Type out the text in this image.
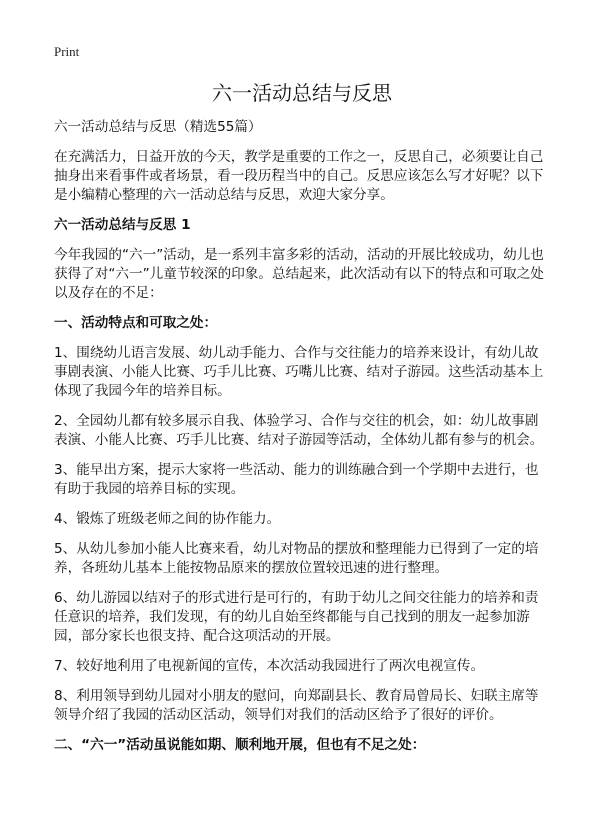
Print
六一活动总结与反思

六一活动总结与反思（精选55篇）

在充满活力，日益开放的今天，教学是重要的工作之一，反思自己，必须要让自己抽身出来看事件或者场景，看一段历程当中的自己。反思应该怎么写才好呢？以下是小编精心整理的六一活动总结与反思，欢迎大家分享。

六一活动总结与反思 1

今年我园的“六一”活动，是一系列丰富多彩的活动，活动的开展比较成功，幼儿也获得了对“六一”儿童节较深的印象。总结起来，此次活动有以下的特点和可取之处以及存在的不足：

一、活动特点和可取之处：

1、围绕幼儿语言发展、幼儿动手能力、合作与交往能力的培养来设计，有幼儿故事剧表演、小能人比赛、巧手儿比赛、巧嘴儿比赛、结对子游园。这些活动基本上体现了我园今年的培养目标。

2、全园幼儿都有较多展示自我、体验学习、合作与交往的机会，如：幼儿故事剧表演、小能人比赛、巧手儿比赛、结对子游园等活动，全体幼儿都有参与的机会。

3、能早出方案，提示大家将一些活动、能力的训练融合到一个学期中去进行，也有助于我园的培养目标的实现。

4、锻炼了班级老师之间的协作能力。

5、从幼儿参加小能人比赛来看，幼儿对物品的摆放和整理能力已得到了一定的培养，各班幼儿基本上能按物品原来的摆放位置较迅速的进行整理。

6、幼儿游园以结对子的形式进行是可行的，有助于幼儿之间交往能力的培养和责任意识的培养，我们发现，有的幼儿自始至终都能与自己找到的朋友一起参加游园，部分家长也很支持、配合这项活动的开展。

7、较好地利用了电视新闻的宣传，本次活动我园进行了两次电视宣传。

8、利用领导到幼儿园对小朋友的慰问，向郑副县长、教育局曾局长、妇联主席等领导介绍了我园的活动区活动，领导们对我们的活动区给予了很好的评价。

二、“六一”活动虽说能如期、顺利地开展，但也有不足之处：
